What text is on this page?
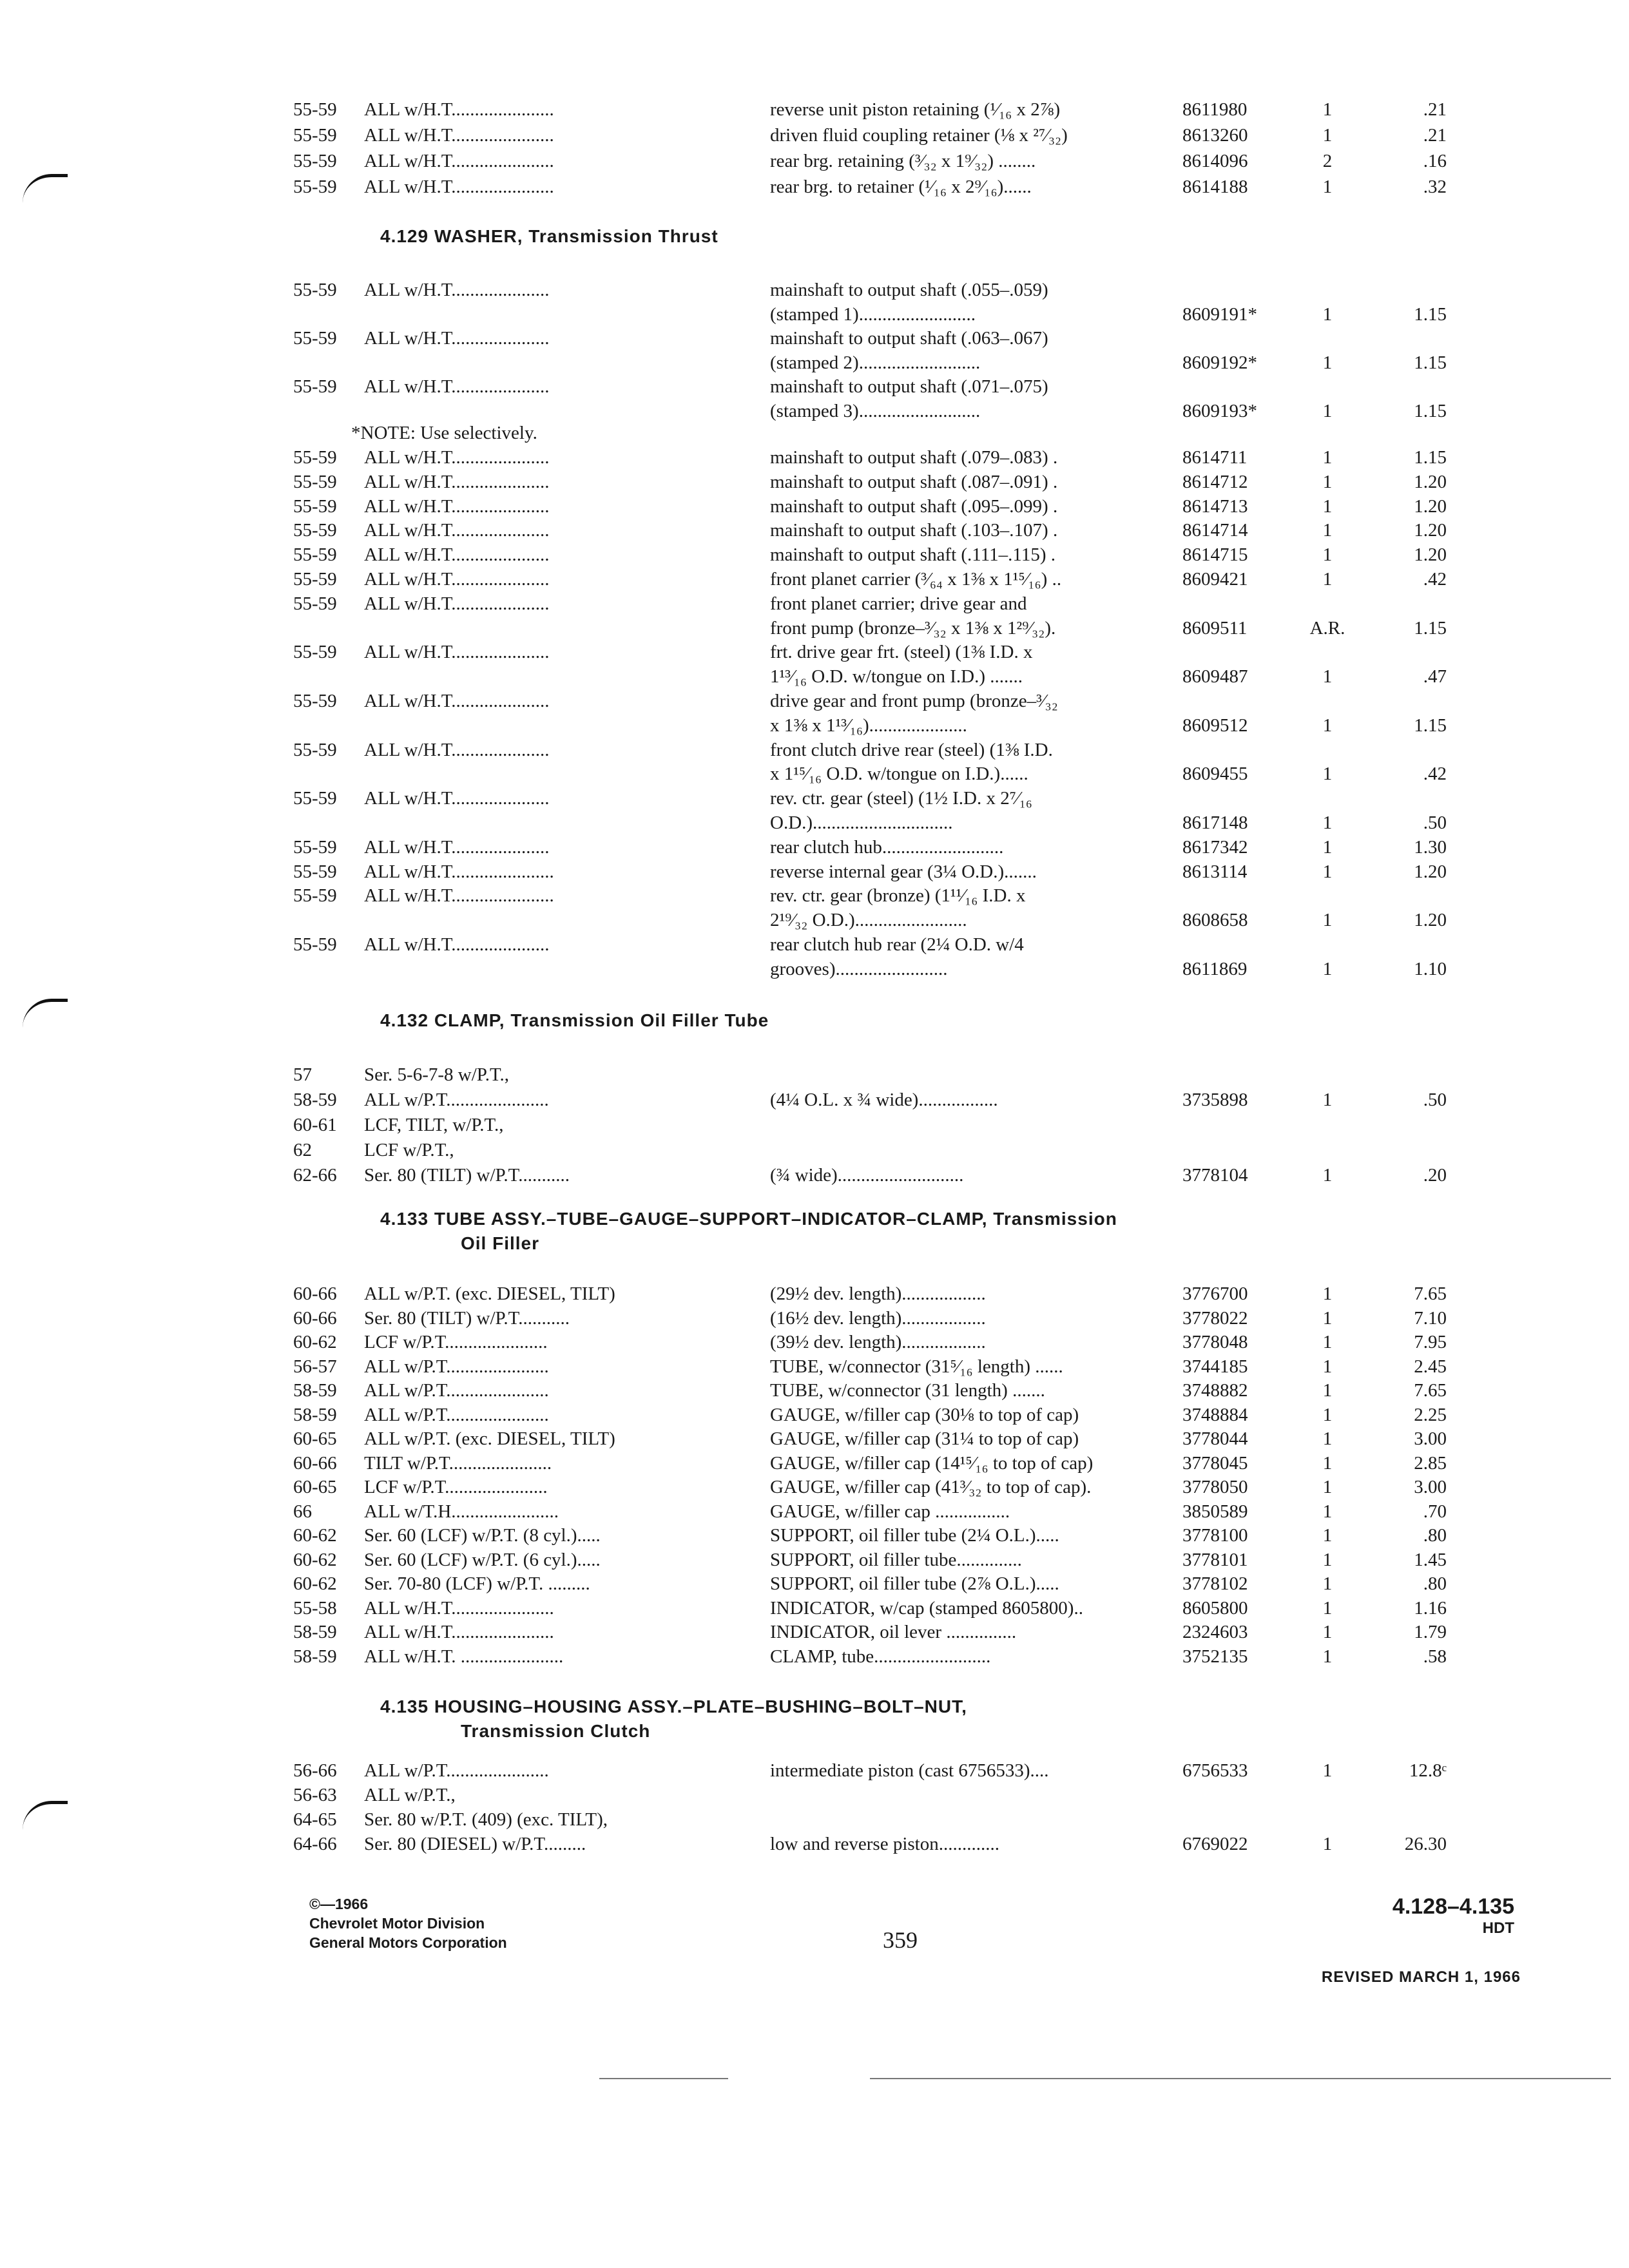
55-59	ALL w/H.T......................	reverse unit piston retaining (¹⁄₁₆ x 2⅞)	8611980	1	.21
55-59	ALL w/H.T......................	driven fluid coupling retainer (⅛ x ²⁷⁄₃₂)	8613260	1	.21
55-59	ALL w/H.T......................	rear brg. retaining (³⁄₃₂ x 1⁹⁄₃₂) ........	8614096	2	.16
55-59	ALL w/H.T......................	rear brg. to retainer (¹⁄₁₆ x 2⁹⁄₁₆)......	8614188	1	.32
55-59	ALL w/H.T.....................	mainshaft to output shaft (.055–.059)
(stamped 1).........................	8609191*	1	1.15
55-59	ALL w/H.T.....................	mainshaft to output shaft (.063–.067)
(stamped 2)..........................	8609192*	1	1.15
55-59	ALL w/H.T.....................	mainshaft to output shaft (.071–.075)
(stamped 3)..........................	8609193*	1	1.15
55-59	ALL w/H.T.....................	mainshaft to output shaft (.079–.083) .	8614711	1	1.15
55-59	ALL w/H.T.....................	mainshaft to output shaft (.087–.091) .	8614712	1	1.20
55-59	ALL w/H.T.....................	mainshaft to output shaft (.095–.099) .	8614713	1	1.20
55-59	ALL w/H.T.....................	mainshaft to output shaft (.103–.107) .	8614714	1	1.20
55-59	ALL w/H.T.....................	mainshaft to output shaft (.111–.115) .	8614715	1	1.20
55-59	ALL w/H.T.....................	front planet carrier (³⁄₆₄ x 1⅜ x 1¹⁵⁄₁₆) ..	8609421	1	.42
55-59	ALL w/H.T.....................	front planet carrier; drive gear and
front pump (bronze–³⁄₃₂ x 1⅜ x 1²⁹⁄₃₂).	8609511	A.R.	1.15
55-59	ALL w/H.T.....................	frt. drive gear frt. (steel) (1⅜ I.D. x
1¹³⁄₁₆ O.D. w/tongue on I.D.) .......	8609487	1	.47
55-59	ALL w/H.T.....................	drive gear and front pump (bronze–³⁄₃₂
x 1⅜ x 1¹³⁄₁₆).....................	8609512	1	1.15
55-59	ALL w/H.T.....................	front clutch drive rear (steel) (1⅜ I.D.
x 1¹⁵⁄₁₆ O.D. w/tongue on I.D.)......	8609455	1	.42
55-59	ALL w/H.T.....................	rev. ctr. gear (steel) (1½ I.D. x 2⁷⁄₁₆
O.D.)..............................	8617148	1	.50
55-59	ALL w/H.T.....................	rear clutch hub..........................	8617342	1	1.30
55-59	ALL w/H.T......................	reverse internal gear (3¼ O.D.).......	8613114	1	1.20
55-59	ALL w/H.T......................	rev. ctr. gear (bronze) (1¹¹⁄₁₆ I.D. x
2¹⁹⁄₃₂ O.D.)........................	8608658	1	1.20
55-59	ALL w/H.T.....................	rear clutch hub rear (2¼ O.D. w/4
grooves)........................	8611869	1	1.10
57	Ser. 5-6-7-8 w/P.T.,
58-59	ALL w/P.T......................	(4¼ O.L. x ¾ wide).................	3735898	1	.50
60-61	LCF, TILT, w/P.T.,
62	LCF w/P.T.,
62-66	Ser. 80 (TILT) w/P.T...........	(¾ wide)...........................	3778104	1	.20
60-66	ALL w/P.T. (exc. DIESEL, TILT)	(29½ dev. length)..................	3776700	1	7.65
60-66	Ser. 80 (TILT) w/P.T...........	(16½ dev. length)..................	3778022	1	7.10
60-62	LCF w/P.T......................	(39½ dev. length)..................	3778048	1	7.95
56-57	ALL w/P.T......................	TUBE, w/connector (31⁵⁄₁₆ length) ......	3744185	1	2.45
58-59	ALL w/P.T......................	TUBE, w/connector (31 length) .......	3748882	1	7.65
58-59	ALL w/P.T......................	GAUGE, w/filler cap (30⅛ to top of cap)	3748884	1	2.25
60-65	ALL w/P.T. (exc. DIESEL, TILT)	GAUGE, w/filler cap (31¼ to top of cap)	3778044	1	3.00
60-66	TILT w/P.T......................	GAUGE, w/filler cap (14¹⁵⁄₁₆ to top of cap)	3778045	1	2.85
60-65	LCF w/P.T......................	GAUGE, w/filler cap (41³⁄₃₂ to top of cap).	3778050	1	3.00
66	ALL w/T.H.......................	GAUGE, w/filler cap ................	3850589	1	.70
60-62	Ser. 60 (LCF) w/P.T. (8 cyl.).....	SUPPORT, oil filler tube (2¼ O.L.).....	3778100	1	.80
60-62	Ser. 60 (LCF) w/P.T. (6 cyl.).....	SUPPORT, oil filler tube..............	3778101	1	1.45
60-62	Ser. 70-80 (LCF) w/P.T. .........	SUPPORT, oil filler tube (2⅞ O.L.).....	3778102	1	.80
55-58	ALL w/H.T......................	INDICATOR, w/cap (stamped 8605800)..	8605800	1	1.16
58-59	ALL w/H.T......................	INDICATOR, oil lever ...............	2324603	1	1.79
58-59	ALL w/H.T. ......................	CLAMP, tube.........................	3752135	1	.58
56-66	ALL w/P.T......................	intermediate piston (cast 6756533)....	6756533	1	12.8ᶜ
56-63	ALL w/P.T.,
64-65	Ser. 80 w/P.T. (409) (exc. TILT),
64-66	Ser. 80 (DIESEL) w/P.T.........	low and reverse piston.............	6769022	1	26.30
4.129 WASHER, Transmission Thrust
*NOTE: Use selectively.
4.132 CLAMP, Transmission Oil Filler Tube
4.133 TUBE ASSY.–TUBE–GAUGE–SUPPORT–INDICATOR–CLAMP, Transmission
Oil Filler
4.135 HOUSING–HOUSING ASSY.–PLATE–BUSHING–BOLT–NUT,
Transmission Clutch
©—1966
Chevrolet Motor Division
General Motors Corporation	359
4.128–4.135
HDT
REVISED MARCH 1, 1966
